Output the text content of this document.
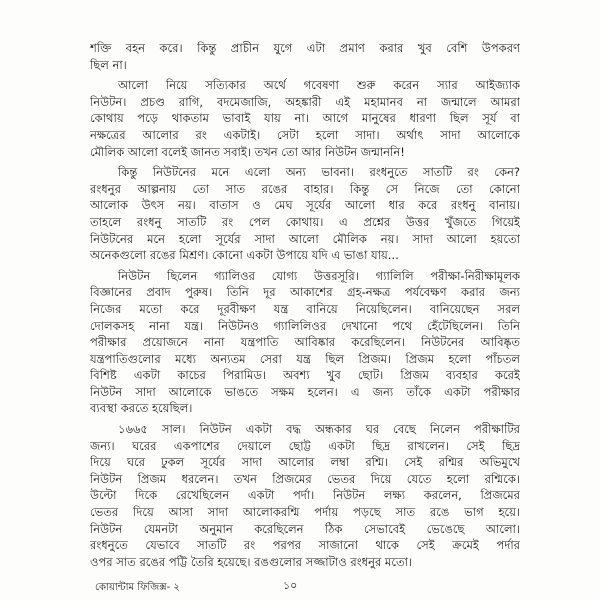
শক্তি বহন করে। কিন্তু প্রাচীন যুগে এটা প্রমাণ করার খুব বেশি উপকরণ
ছিল না।
আলো নিয়ে সত্যিকার অর্থে গবেষণা শুরু করেন স্যার আইজ্যাক
নিউটন। প্রচণ্ড রাগি, বদমেজাজি, অহঙ্কারী এই মহামানব না জন্মালে আমরা
কোথায় পড়ে থাকতাম ভাবাই যায় না। আগে মানুষের ধারণা ছিল সূর্য বা
নক্ষত্রের আলোর রং একটাই। সেটা হলো সাদা। অর্থাৎ সাদা আলোকে
মৌলিক আলো বলেই জানত সবাই। তখন তো আর নিউটন জন্মাননি!
কিন্তু নিউটনের মনে এলো অন্য ভাবনা। রংধনুতে সাতটি রং কেন?
রংধনুর আল্পনায় তো সাত রঙের বাহার। কিন্তু সে নিজে তো কোনো
আলোক উৎস নয়। বাতাস ও মেঘ সূর্যের আলো ধার করে রংধনু বানায়।
তাহলে রংধনু সাতটি রং পেল কোথায়। এ প্রশ্নের উত্তর খুঁজতে গিয়েই
নিউটনের মনে হলো সূর্যের সাদা আলো মৌলিক নয়। সাদা আলো হয়তো
অনেকগুলো রঙের মিশ্রণ। কোনো একটা উপায়ে যদি এ ভাঙা যায়...
নিউটন ছিলেন গ্যালিওর যোগ্য উত্তরসূরি। গ্যালিলি পরীক্ষা-নিরীক্ষামূলক
বিজ্ঞানের প্রবাদ পুরুষ। তিনি দূর আকাশের গ্রহ-নক্ষত্র পর্যবেক্ষণ করার জন্য
নিজের মতো করে দূরবীক্ষণ যন্ত্র বানিয়ে নিয়েছিলেন। বানিয়েছেন সরল
দোলকসহ নানা যন্ত্র। নিউটনও গ্যালিলিওর দেখানো পথে হেঁটেছিলেন। তিনি
পরীক্ষার প্রয়োজনে নানা যন্ত্রপাতি আবিষ্কার করেছিলেন। নিউটনের আবিষ্কৃত
যন্ত্রপাতিগুলোর মধ্যে অন্যতম সেরা যন্ত্র ছিল প্রিজম। প্রিজম হলো পাঁচতল
বিশিষ্ট একটা কাচের পিরামিড। অবশ্য খুব ছোট। প্রিজম ব্যবহার করেই
নিউটন সাদা আলোকে ভাঙতে সক্ষম হলেন। এ জন্য তাঁকে একটা পরীক্ষার
ব্যবস্থা করতে হয়েছিল।
১৬৬৫ সাল। নিউটন একটা বদ্ধ অন্ধকার ঘর বেছে নিলেন পরীক্ষাটির
জন্য। ঘরের একপাশের দেয়ালে ছোট্ট একটা ছিদ্র রাখলেন। সেই ছিদ্র
দিয়ে ঘরে ঢুকল সূর্যের সাদা আলোর লম্বা রশ্মি। সেই রশ্মির অভিমুখে
নিউটন প্রিজম ধরলেন। তখন প্রিজমের ভেতর দিয়ে যেতে হলো রশ্মিকে।
উল্টো দিকে রেখেছিলেন একটা পর্দা। নিউটন লক্ষ্য করলেন, প্রিজমের
ভেতর দিয়ে আসা সাদা আলোকরশ্মি পর্দায় পড়ছে সাত রঙে ভাগ হয়ে।
নিউটন যেমনটা অনুমান করেছিলেন ঠিক সেভাবেই ভেঙেছে আলো।
রংধনুতে যেভাবে সাতটি রং পরপর সাজানো থাকে সেই ক্রমেই পর্দার
ওপর সাত রঙের পট্টি তৈরি হয়েছে। রঙগুলোর সজ্জাটাও রংধনুর মতো।
কোয়ান্টাম ফিজিক্স- ২	১০
